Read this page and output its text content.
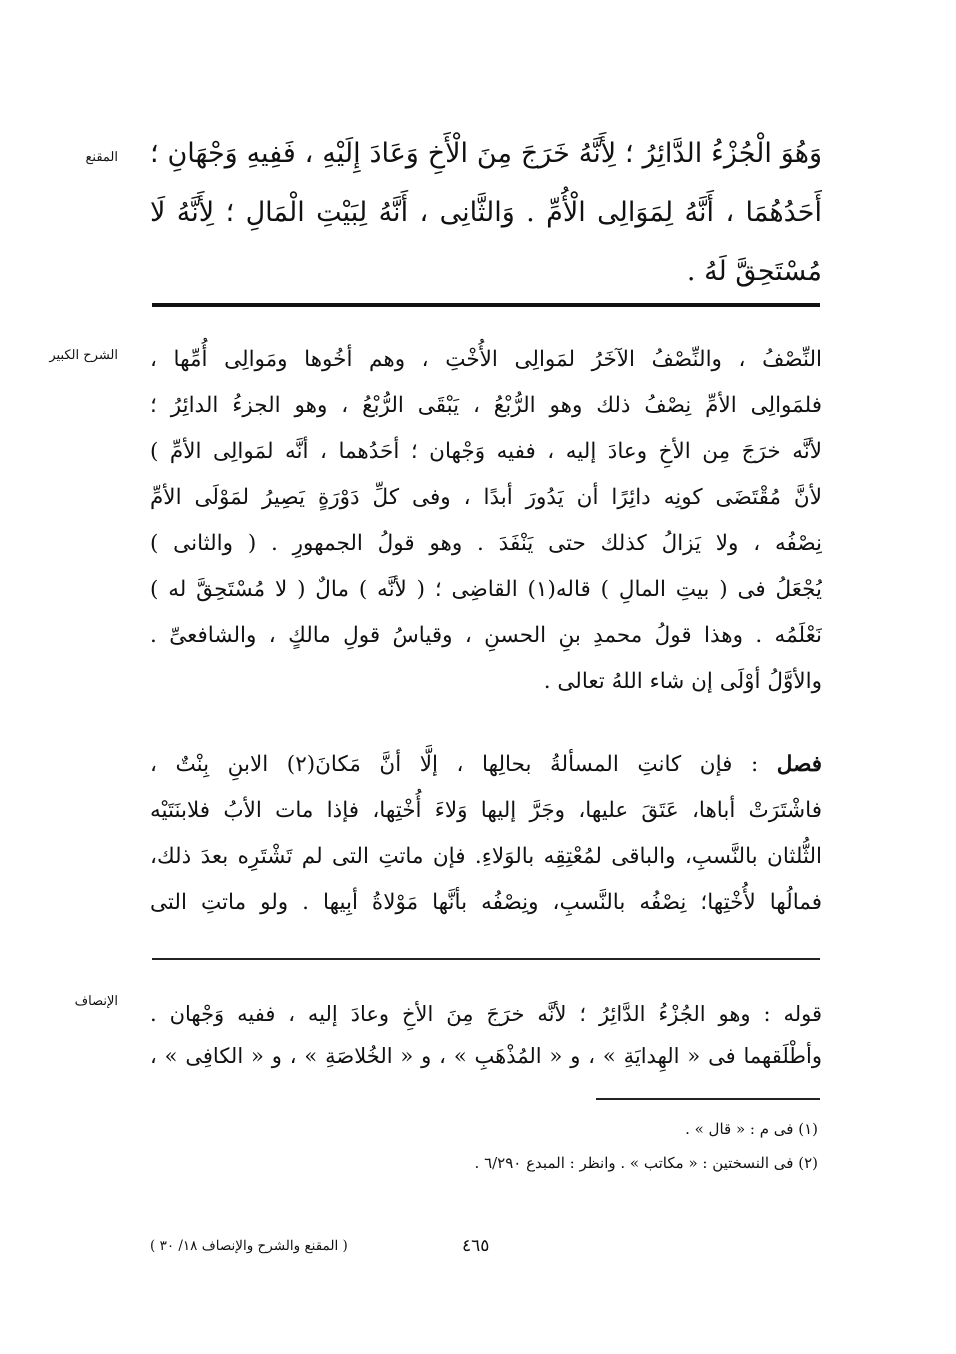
المقنع
الشرح الكبير
الإنصاف
وَهُوَ الْجُزْءُ الدَّائِرُ ؛ لِأَنَّهُ خَرَجَ مِنَ الْأَخِ وَعَادَ إِلَيْهِ ، فَفِيهِ وَجْهَانِ ؛
أَحَدُهُمَا ، أَنَّهُ لِمَوَالِى الْأُمِّ . وَالثَّانِى ، أَنَّهُ لِبَيْتِ الْمَالِ ؛ لِأَنَّهُ لَا
مُسْتَحِقَّ لَهُ .
النِّصْفُ ، والنِّصْفُ الآخَرُ لمَوالِى الأُخْتِ ، وهم أخُوها ومَوالِى أُمِّها ،
فلمَوالِى الأمِّ نِصْفُ ذلك وهو الرُّبْعُ ، يَبْقَى الرُّبْعُ ، وهو الجزءُ الدائِرُ ؛
لأنَّه خرَجَ مِن الأخِ وعادَ إليه ، ففيه وَجْهان ؛ أحَدُهما ، أنَّه لمَوالِى الأمِّ )
لأنَّ مُقْتَضَى كونِه دائِرًا أن يَدُورَ أبدًا ، وفى كلِّ دَوْرَةٍ يَصِيرُ لمَوْلَى الأمِّ
نِصْفُه ، ولا يَزالُ كذلك حتى يَنْفَدَ . وهو قولُ الجمهورِ . ( والثانى )
يُجْعَلُ فى ( بيتِ المالِ ) قاله(١) القاضِى ؛ ( لأنَّه ) مالٌ ( لا مُسْتَحِقَّ له )
نَعْلَمُه . وهذا قولُ محمدِ بنِ الحسنِ ، وقياسُ قولِ مالكٍ ، والشافعىِّ .
والأوَّلُ أوْلَى إن شاء اللهُ تعالى .
فصل : فإن كانتِ المسألةُ بحالِها ، إلَّا أنَّ مَكانَ(٢) الابنِ بِنْتٌ ،
فاشْتَرَتْ أباها، عَتَقَ عليها، وجَرَّ إليها وَلاءَ أُخْتِها، فإذا مات الأبُ فلابنَتَيْه
الثُّلثان بالنَّسبِ، والباقى لمُعْتِقِه بالوَلاءِ. فإن ماتتِ التى لم تَشْتَرِه بعدَ ذلك،
فمالُها لأُخْتِها؛ نِصْفُه بالنَّسبِ، ونِصْفُه بأنَّها مَوْلاةُ أبِيها . ولو ماتتِ التى
قوله : وهو الجُزْءُ الدَّائِرُ ؛ لأنَّه خرَجَ مِنَ الأخِ وعادَ إليه ، ففيه وَجْهان .
وأطْلَقهما فى « الهِدايَةِ » ، و « المُذْهَبِ » ، و « الخُلاصَةِ » ، و « الكافِى » ،
(١) فى م : « قال » .
(٢) فى النسختين : « مكاتب » . وانظر : المبدع ٦/٢٩٠ .
٤٦٥
( المقنع والشرح والإنصاف ١٨/ ٣٠ )
